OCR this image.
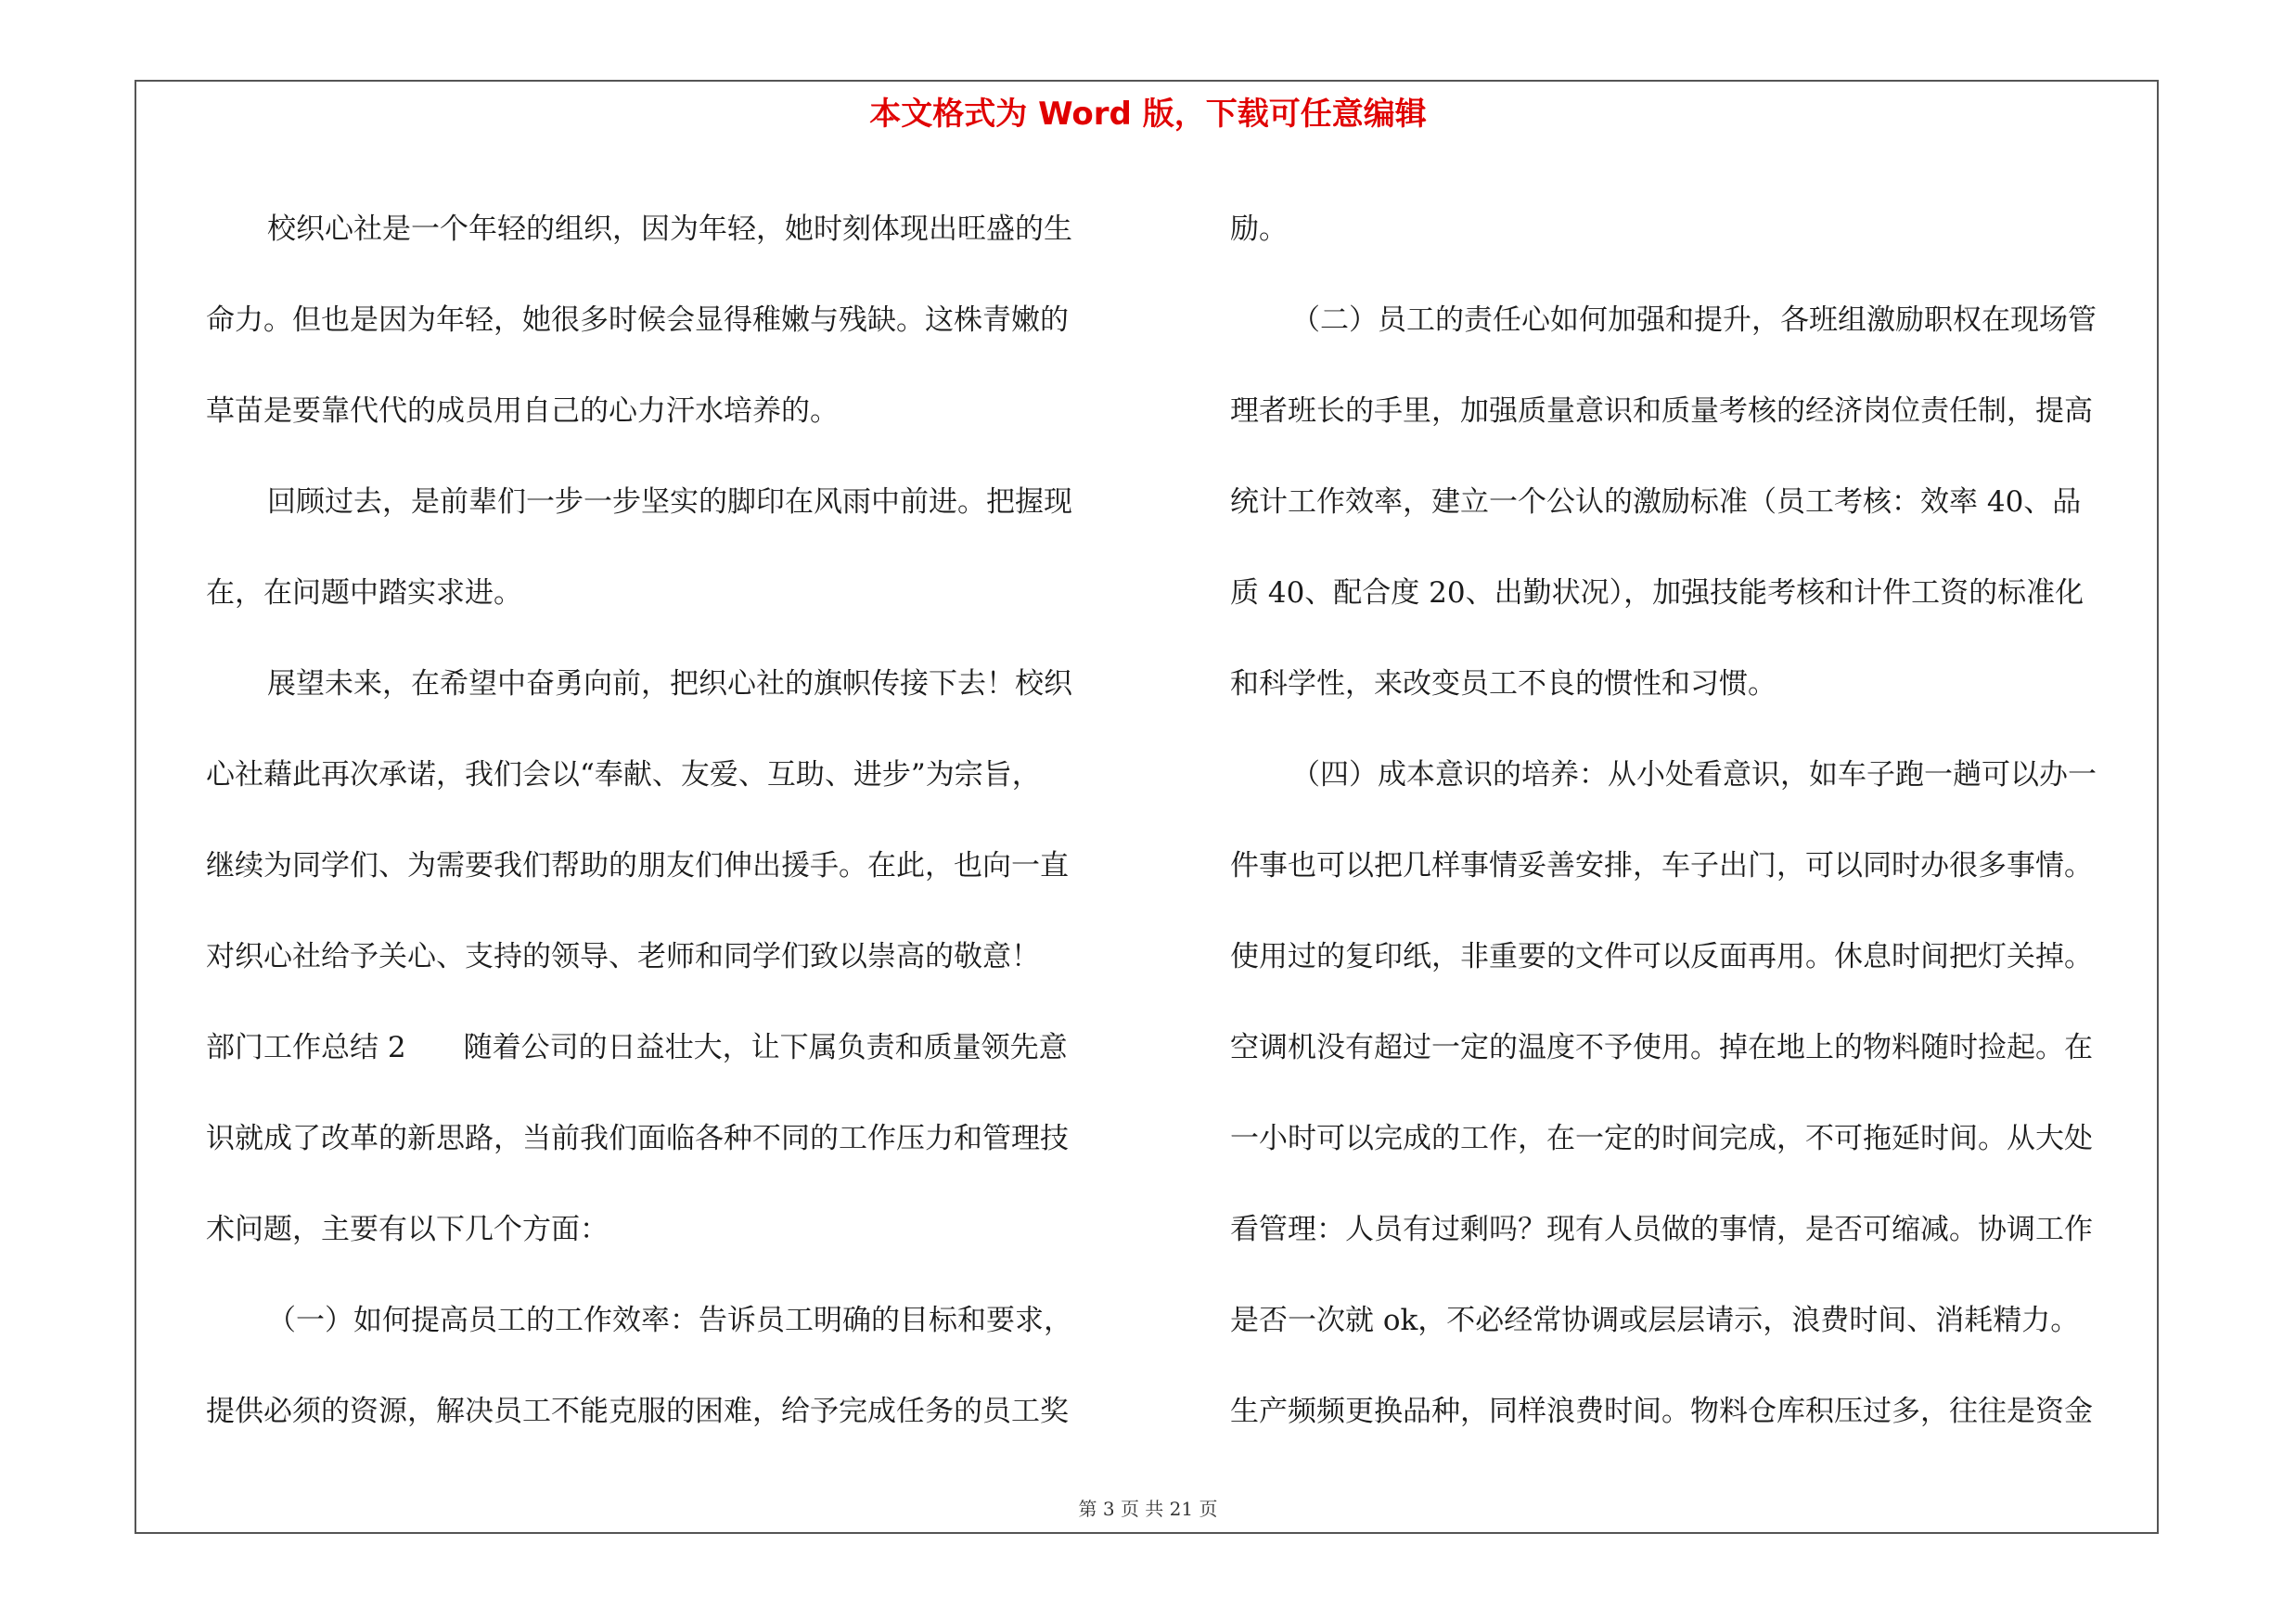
本文格式为 Word 版，下载可任意编辑
校织心社是一个年轻的组织，因为年轻，她时刻体现出旺盛的生
命力。但也是因为年轻，她很多时候会显得稚嫩与残缺。这株青嫩的
草苗是要靠代代的成员用自己的心力汗水培养的。
回顾过去，是前辈们一步一步坚实的脚印在风雨中前进。把握现
在，在问题中踏实求进。
展望未来，在希望中奋勇向前，把织心社的旗帜传接下去！校织
心社藉此再次承诺，我们会以“奉献、友爱、互助、进步”为宗旨，
继续为同学们、为需要我们帮助的朋友们伸出援手。在此，也向一直
对织心社给予关心、支持的领导、老师和同学们致以崇高的敬意！
部门工作总结 2　　随着公司的日益壮大，让下属负责和质量领先意
识就成了改革的新思路，当前我们面临各种不同的工作压力和管理技
术问题，主要有以下几个方面：
（一）如何提高员工的工作效率：告诉员工明确的目标和要求，
提供必须的资源，解决员工不能克服的困难，给予完成任务的员工奖
励。
（二）员工的责任心如何加强和提升，各班组激励职权在现场管
理者班长的手里，加强质量意识和质量考核的经济岗位责任制，提高
统计工作效率，建立一个公认的激励标准（员工考核：效率 40、品
质 40、配合度 20、出勤状况），加强技能考核和计件工资的标准化
和科学性，来改变员工不良的惯性和习惯。
（四）成本意识的培养：从小处看意识，如车子跑一趟可以办一
件事也可以把几样事情妥善安排，车子出门，可以同时办很多事情。
使用过的复印纸，非重要的文件可以反面再用。休息时间把灯关掉。
空调机没有超过一定的温度不予使用。掉在地上的物料随时捡起。在
一小时可以完成的工作，在一定的时间完成，不可拖延时间。从大处
看管理：人员有过剩吗？现有人员做的事情，是否可缩减。协调工作
是否一次就 ok，不必经常协调或层层请示，浪费时间、消耗精力。
生产频频更换品种，同样浪费时间。物料仓库积压过多，往往是资金
第 3 页 共 21 页
